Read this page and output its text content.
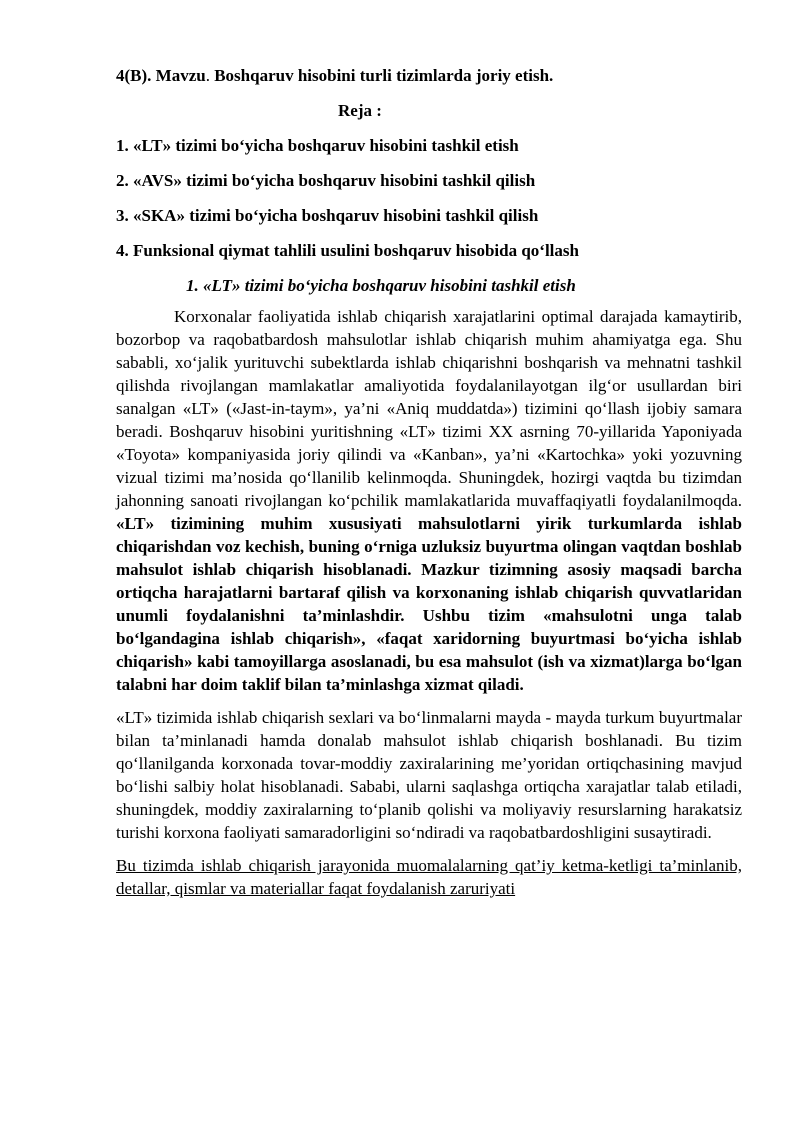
4(B). Mavzu. Boshqaruv hisobini turli tizimlarda joriy etish.

Reja :

1. «LT» tizimi bo‘yicha boshqaruv hisobini tashkil etish

2. «AVS» tizimi bo‘yicha boshqaruv hisobini tashkil qilish

3. «SKA» tizimi bo‘yicha boshqaruv hisobini tashkil qilish

4. Funksional qiymat tahlili usulini boshqaruv hisobida qo‘llash

1. «LT» tizimi bo‘yicha boshqaruv hisobini tashkil etish

Korxonalar faoliyatida ishlab chiqarish xarajatlarini optimal darajada kamaytirib, bozorbop va raqobatbardosh mahsulotlar ishlab chiqarish muhim ahamiyatga ega. Shu sababli, xo‘jalik yurituvchi subektlarda ishlab chiqarishni boshqarish va mehnatni tashkil qilishda rivojlangan mamlakatlar amaliyotida foydalanilayotgan ilg‘or usullardan biri sanalgan «LT» («Jast-in-taym», ya’ni «Aniq muddatda») tizimini qo‘llash ijobiy samara beradi. Boshqaruv hisobini yuritishning «LT» tizimi XX asrning 70-yillarida Yaponiyada «Toyota» kompaniyasida joriy qilindi va «Kanban», ya’ni «Kartochka» yoki yozuvning vizual tizimi ma’nosida qo‘llanilib kelinmoqda. Shuningdek, hozirgi vaqtda bu tizimdan jahonning sanoati rivojlangan ko‘pchilik mamlakatlarida muvaffaqiyatli foydalanilmoqda. «LT» tizimining muhim xususiyati mahsulotlarni yirik turkumlarda ishlab chiqarishdan voz kechish, buning o‘rniga uzluksiz buyurtma olingan vaqtdan boshlab mahsulot ishlab chiqarish hisoblanadi. Mazkur tizimning asosiy maqsadi barcha ortiqcha harajatlarni bartaraf qilish va korxonaning ishlab chiqarish quvvatlaridan unumli foydalanishni ta’minlashdir. Ushbu tizim «mahsulotni unga talab bo‘lgandagina ishlab chiqarish», «faqat xaridorning buyurtmasi bo‘yicha ishlab chiqarish» kabi tamoyillarga asoslanadi, bu esa mahsulot (ish va xizmat)larga bo‘lgan talabni har doim taklif bilan ta’minlashga xizmat qiladi.

«LT» tizimida ishlab chiqarish sexlari va bo‘linmalarni mayda - mayda turkum buyurtmalar bilan ta’minlanadi hamda donalab mahsulot ishlab chiqarish boshlanadi. Bu tizim qo‘llanilganda korxonada tovar-moddiy zaxiralarining me’yoridan ortiqchasining mavjud bo‘lishi salbiy holat hisoblanadi. Sababi, ularni saqlashga ortiqcha xarajatlar talab etiladi, shuningdek, moddiy zaxiralarning to‘planib qolishi va moliyaviy resurslarning harakatsiz turishi korxona faoliyati samaradorligini so‘ndiradi va raqobatbardoshligini susaytiradi.

Bu tizimda ishlab chiqarish jarayonida muomalalarning qat’iy ketma-ketligi ta’minlanib, detallar, qismlar va materiallar faqat foydalanish zaruriyati
